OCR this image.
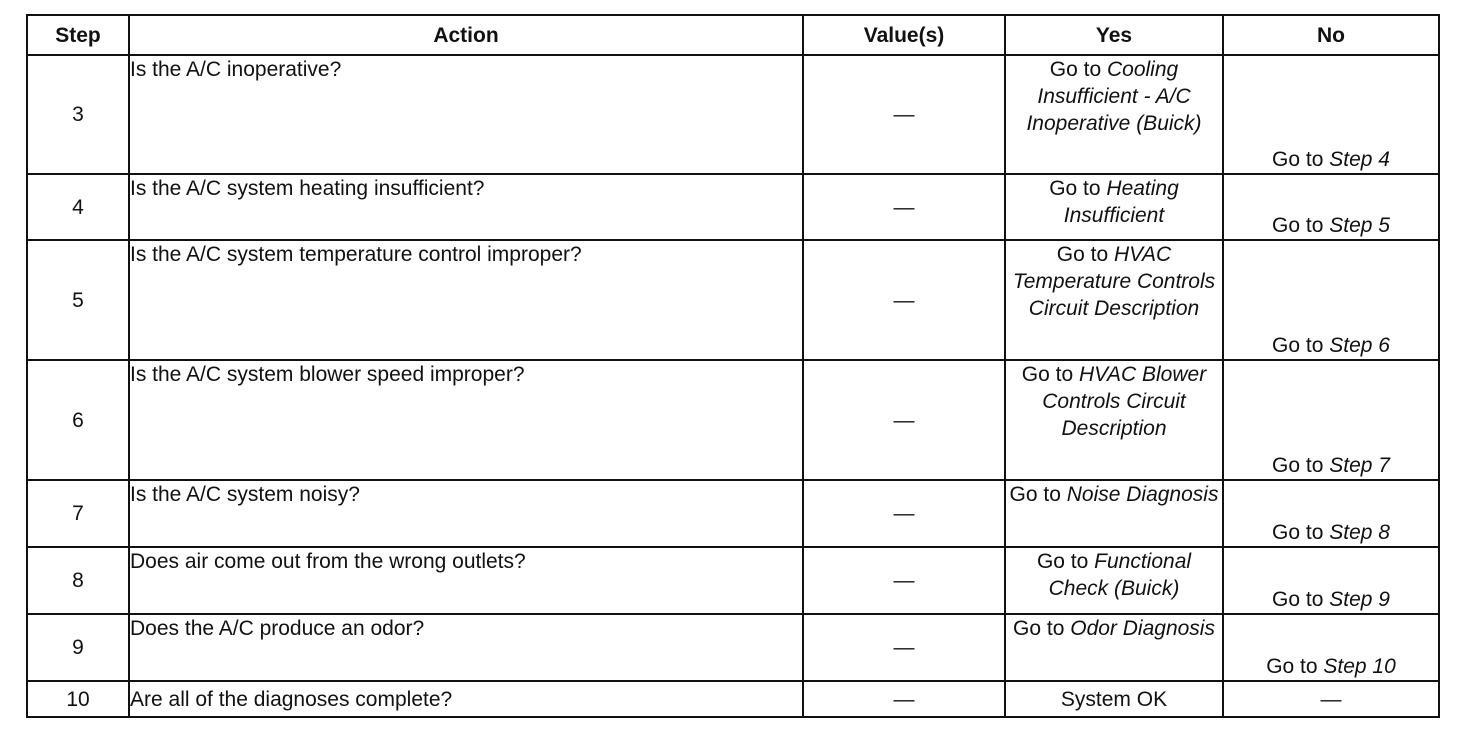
Step	Action	Value(s)	Yes	No
3	Is the A/C inoperative?	—	Go to Cooling Insufficient - A/C Inoperative (Buick)	Go to Step 4
4	Is the A/C system heating insufficient?	—	Go to Heating Insufficient	Go to Step 5
5	Is the A/C system temperature control improper?	—	Go to HVAC Temperature Controls Circuit Description	Go to Step 6
6	Is the A/C system blower speed improper?	—	Go to HVAC Blower Controls Circuit Description	Go to Step 7
7	Is the A/C system noisy?	—	Go to Noise Diagnosis	Go to Step 8
8	Does air come out from the wrong outlets?	—	Go to Functional Check (Buick)	Go to Step 9
9	Does the A/C produce an odor?	—	Go to Odor Diagnosis	Go to Step 10
10	Are all of the diagnoses complete?	—	System OK	—
